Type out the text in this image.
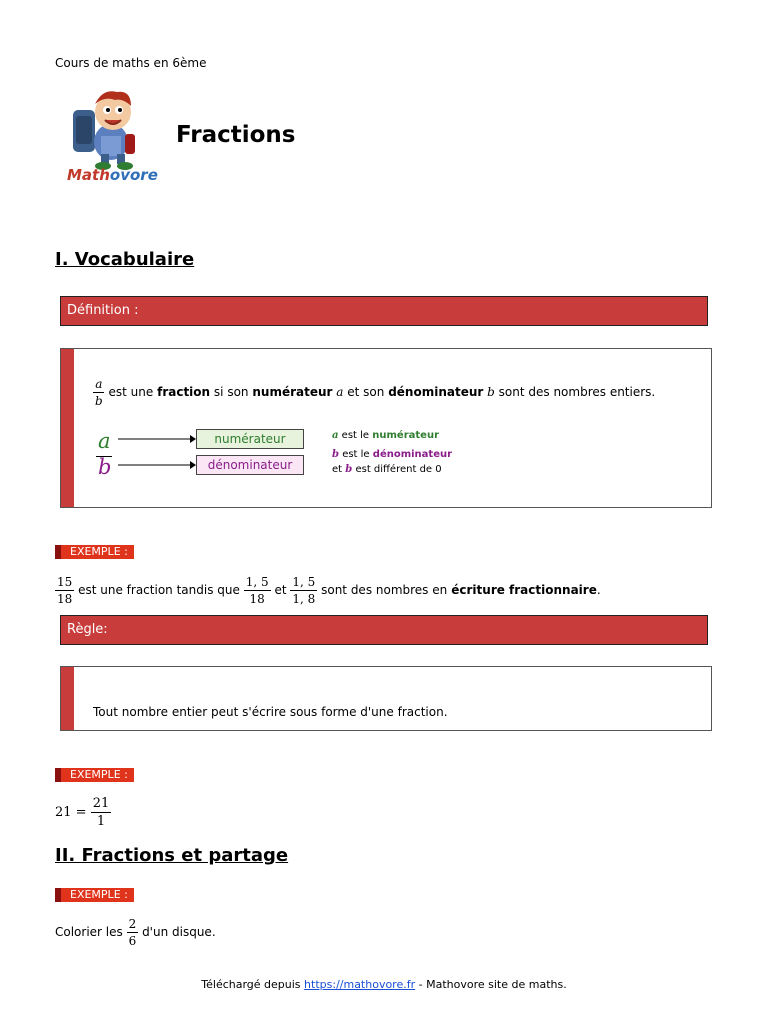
Cours de maths en 6ème
Mathovore
Fractions
I. Vocabulaire
Définition :
$\frac{a}{b}$ est une fraction si son numérateur a et son dénominateur b sont des nombres entiers.
a
b
numérateur
dénominateur
a est le numérateur
b est le dénominateur
et b est différent de 0
EXEMPLE :
$\frac{15}{18}$ est une fraction tandis que $\frac{1, 5}{18}$ et $\frac{1, 5}{1, 8}$ sont des nombres en écriture fractionnaire.
Règle:
Tout nombre entier peut s'écrire sous forme d'une fraction.
EXEMPLE :
$21 = \frac{21}{1}$
II. Fractions et partage
EXEMPLE :
Colorier les $\frac{2}{6} d'un$ disque.
Téléchargé depuis https://mathovore.fr - Mathovore site de maths.
